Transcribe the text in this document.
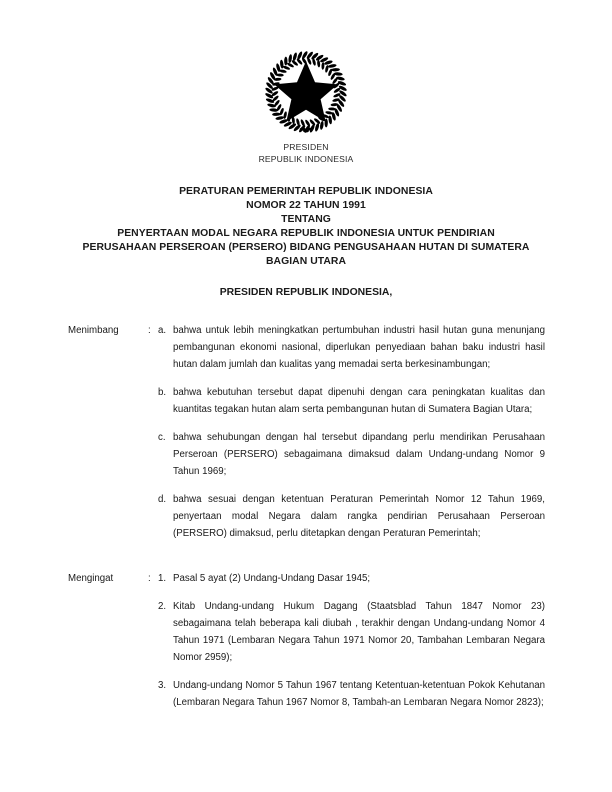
PRESIDEN
REPUBLIK INDONESIA
PERATURAN PEMERINTAH REPUBLIK INDONESIA
NOMOR 22 TAHUN 1991
TENTANG
PENYERTAAN MODAL NEGARA REPUBLIK INDONESIA UNTUK PENDIRIAN
PERUSAHAAN PERSEROAN (PERSERO) BIDANG PENGUSAHAAN HUTAN DI SUMATERA
BAGIAN UTARA
PRESIDEN REPUBLIK INDONESIA,
Menimbang	: a. bahwa untuk lebih meningkatkan pertumbuhan industri hasil hutan guna menunjang pembangunan ekonomi nasional, diperlukan penyediaan bahan baku industri hasil hutan dalam jumlah dan kualitas yang memadai serta berkesinambungan;
b. bahwa kebutuhan tersebut dapat dipenuhi dengan cara peningkatan kualitas dan kuantitas tegakan hutan alam serta pembangunan hutan di Sumatera Bagian Utara;
c. bahwa sehubungan dengan hal tersebut dipandang perlu mendirikan Perusahaan Perseroan (PERSERO) sebagaimana dimaksud dalam Undang-undang Nomor 9 Tahun 1969;
d. bahwa sesuai dengan ketentuan Peraturan Pemerintah Nomor 12 Tahun 1969, penyertaan modal Negara dalam rangka pendirian Perusahaan Perseroan (PERSERO) dimaksud, perlu ditetapkan dengan Peraturan Pemerintah;
Mengingat	: 1. Pasal 5 ayat (2) Undang-Undang Dasar 1945;
2. Kitab Undang-undang Hukum Dagang (Staatsblad Tahun 1847 Nomor 23) sebagaimana telah beberapa kali diubah , terakhir dengan Undang-undang Nomor 4 Tahun 1971 (Lembaran Negara Tahun 1971 Nomor 20, Tambahan Lembaran Negara Nomor 2959);
3. Undang-undang Nomor 5 Tahun 1967 tentang Ketentuan-ketentuan Pokok Kehutanan (Lembaran Negara Tahun 1967 Nomor 8, Tambah-an Lembaran Negara Nomor 2823);
